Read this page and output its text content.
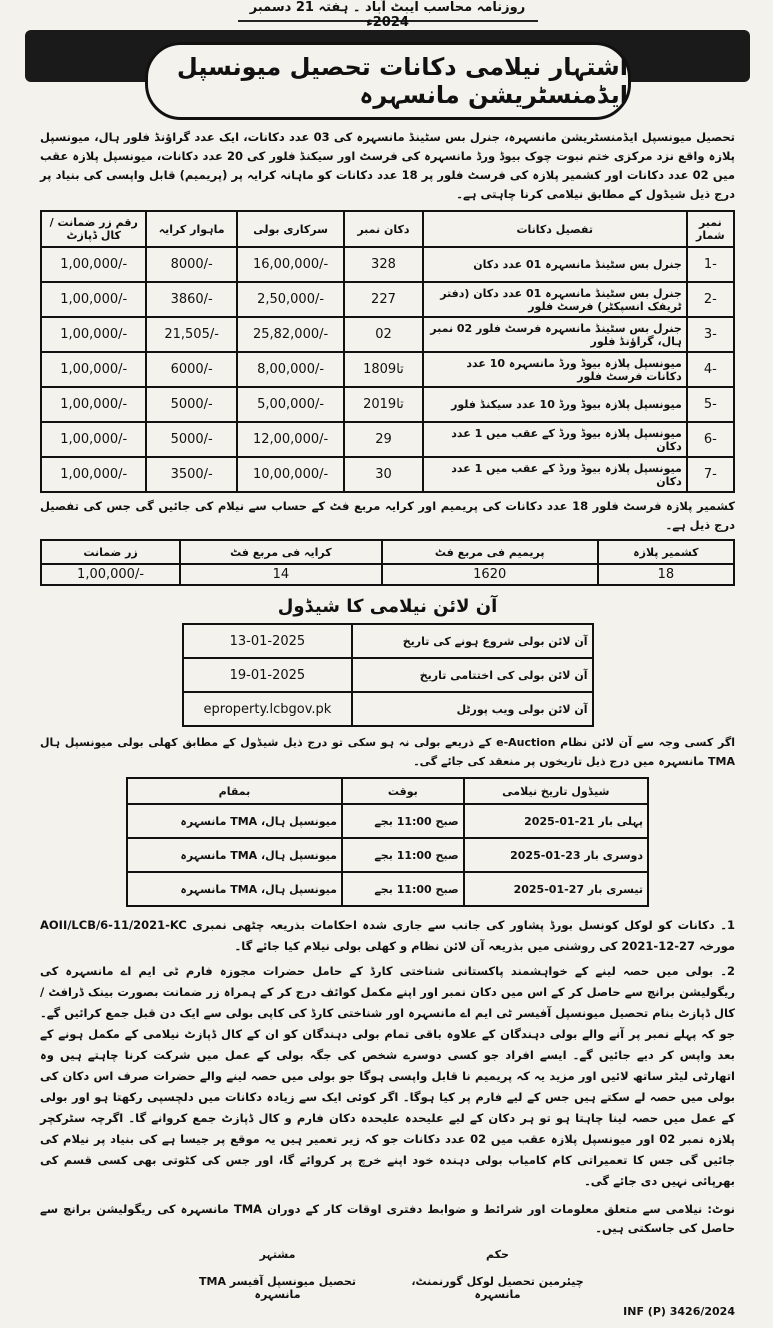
روزنامہ محاسب ایبٹ آباد ۔ ہفتہ 21 دسمبر 2024ء
اشتہار نیلامی دکانات تحصیل میونسپل ایڈمنسٹریشن مانسہرہ
تحصیل میونسپل ایڈمنسٹریشن مانسہرہ، جنرل بس سٹینڈ مانسہرہ کی 03 عدد دکانات، ایک عدد گراؤنڈ فلور ہال، میونسپل پلازہ واقع نزد مرکزی ختم نبوت چوک بیوڈ ورڈ مانسہرہ کی فرسٹ اور سیکنڈ فلور کی 20 عدد دکانات، میونسپل پلازہ عقب میں 02 عدد دکانات اور کشمیر پلازہ کی فرسٹ فلور پر 18 عدد دکانات کو ماہانہ کرایہ پر (پریمیم) قابل واپسی کی بنیاد پر درج ذیل شیڈول کے مطابق نیلامی کرنا چاہتی ہے۔
رقم زر ضمانت / کال ڈپازٹ	ماہوار کرایہ	سرکاری بولی	دکان نمبر	تفصیل دکانات	نمبر شمار
1,00,000/-	8000/-	16,00,000/-	328	جنرل بس سٹینڈ مانسہرہ 01 عدد دکان	1-
1,00,000/-	3860/-	2,50,000/-	227	جنرل بس سٹینڈ مانسہرہ 01 عدد دکان (دفتر ٹریفک انسپکٹر) فرسٹ فلور	2-
1,00,000/-	21,505/-	25,82,000/-	02	جنرل بس سٹینڈ مانسہرہ فرسٹ فلور 02 نمبر ہال، گراؤنڈ فلور	3-
1,00,000/-	6000/-	8,00,000/-	18تا09	میونسپل پلازہ بیوڈ ورڈ مانسہرہ 10 عدد دکانات فرسٹ فلور	4-
1,00,000/-	5000/-	5,00,000/-	20تا19	میونسپل پلازہ بیوڈ ورڈ 10 عدد سیکنڈ فلور	5-
1,00,000/-	5000/-	12,00,000/-	29	میونسپل پلازہ بیوڈ ورڈ کے عقب میں 1 عدد دکان	6-
1,00,000/-	3500/-	10,00,000/-	30	میونسپل پلازہ بیوڈ ورڈ کے عقب میں 1 عدد دکان	7-
کشمیر پلازہ فرسٹ فلور 18 عدد دکانات کی پریمیم اور کرایہ مربع فٹ کے حساب سے نیلام کی جائیں گی جس کی تفصیل درج ذیل ہے۔
زر ضمانت	کرایہ فی مربع فٹ	پریمیم فی مربع فٹ	کشمیر پلازہ
1,00,000/-	14	1620	18
آن لائن نیلامی کا شیڈول
13-01-2025	آن لائن بولی شروع ہونے کی تاریخ
19-01-2025	آن لائن بولی کی اختتامی تاریخ
eproperty.lcbgov.pk	آن لائن بولی ویب پورٹل
اگر کسی وجہ سے آن لائن نظام e-Auction کے ذریعے بولی نہ ہو سکی تو درج ذیل شیڈول کے مطابق کھلی بولی میونسپل ہال TMA مانسہرہ میں درج ذیل تاریخوں پر منعقد کی جائے گی۔
بمقام	بوقت	شیڈول تاریخ نیلامی
میونسپل ہال، TMA مانسہرہ	صبح 11:00 بجے	پہلی بار 21-01-2025
میونسپل ہال، TMA مانسہرہ	صبح 11:00 بجے	دوسری بار 23-01-2025
میونسپل ہال، TMA مانسہرہ	صبح 11:00 بجے	تیسری بار 27-01-2025
1۔ دکانات کو لوکل کونسل بورڈ پشاور کی جانب سے جاری شدہ احکامات بذریعہ چٹھی نمبری AOII/LCB/6-11/2021-KC مورخہ 27-12-2021 کی روشنی میں بذریعہ آن لائن نظام و کھلی بولی نیلام کیا جائے گا۔
2۔ بولی میں حصہ لینے کے خواہشمند پاکستانی شناختی کارڈ کے حامل حضرات مجوزہ فارم ٹی ایم اے مانسہرہ کی ریگولیشن برانچ سے حاصل کر کے اس میں دکان نمبر اور اپنے مکمل کوائف درج کر کے ہمراہ زر ضمانت بصورت بینک ڈرافٹ / کال ڈپازٹ بنام تحصیل میونسپل آفیسر ٹی ایم اے مانسہرہ اور شناختی کارڈ کی کاپی بولی سے ایک دن قبل جمع کرائیں گے۔ جو کہ پہلے نمبر پر آنے والے بولی دہندگان کے علاوہ باقی تمام بولی دہندگان کو ان کے کال ڈپازٹ نیلامی کے مکمل ہونے کے بعد واپس کر دیے جائیں گے۔ ایسے افراد جو کسی دوسرے شخص کی جگہ بولی کے عمل میں شرکت کرنا چاہتے ہیں وہ اتھارٹی لیٹر ساتھ لائیں اور مزید یہ کہ پریمیم نا قابل واپسی ہوگا جو بولی میں حصہ لینے والے حضرات صرف اس دکان کی بولی میں حصہ لے سکتے ہیں جس کے لیے فارم پر کیا ہوگا۔ اگر کوئی ایک سے زیادہ دکانات میں دلچسپی رکھتا ہو اور بولی کے عمل میں حصہ لینا چاہتا ہو تو ہر دکان کے لیے علیحدہ علیحدہ دکان فارم و کال ڈپازٹ جمع کروانے گا۔ اگرچہ سٹرکچر پلازہ نمبر 02 اور میونسپل پلازہ عقب میں 02 عدد دکانات جو کہ زیر تعمیر ہیں یہ موقع پر جیسا ہے کی بنیاد پر نیلام کی جائیں گی جس کا تعمیراتی کام کامیاب بولی دہندہ خود اپنے خرچ پر کروائے گا، اور جس کی کٹوتی بھی کسی قسم کی بھرپائی نہیں دی جائے گی۔
نوٹ: نیلامی سے متعلق معلومات اور شرائط و ضوابط دفتری اوقات کار کے دوران TMA مانسہرہ کی ریگولیشن برانچ سے حاصل کی جاسکتی ہیں۔
مشتہر
تحصیل میونسپل آفیسر TMA مانسہرہ
حکم
چیئرمین تحصیل لوکل گورنمنٹ، مانسہرہ
INF (P) 3426/2024
